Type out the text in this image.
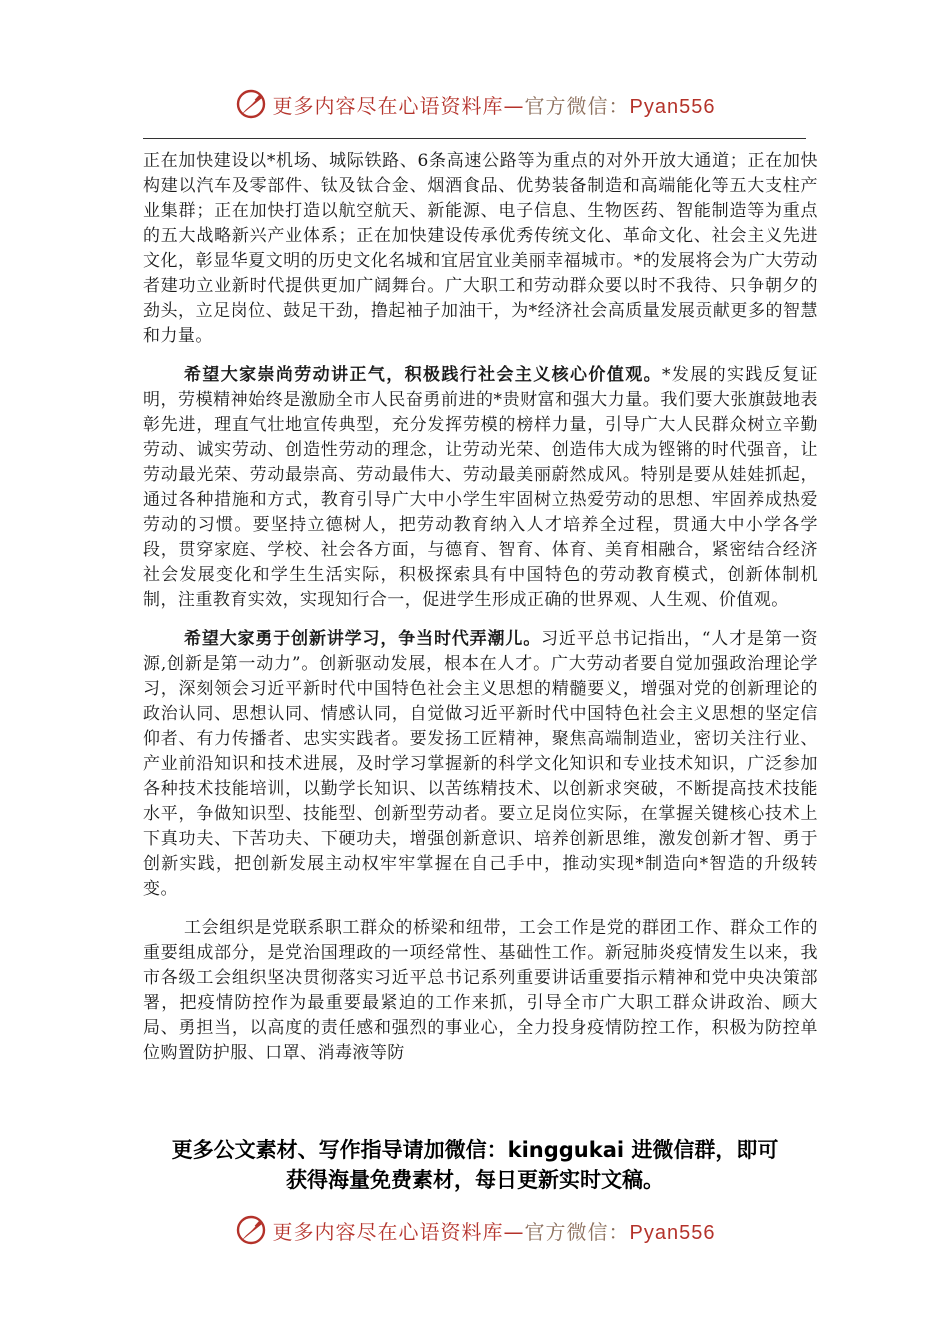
更多内容尽在心语资料库—官方微信：Pyan556

正在加快建设以*机场、城际铁路、6条高速公路等为重点的对外开放大通道；正在加快构建以汽车及零部件、钛及钛合金、烟酒食品、优势装备制造和高端能化等五大支柱产业集群；正在加快打造以航空航天、新能源、电子信息、生物医药、智能制造等为重点的五大战略新兴产业体系；正在加快建设传承优秀传统文化、革命文化、社会主义先进文化，彰显华夏文明的历史文化名城和宜居宜业美丽幸福城市。*的发展将会为广大劳动者建功立业新时代提供更加广阔舞台。广大职工和劳动群众要以时不我待、只争朝夕的劲头，立足岗位、鼓足干劲，撸起袖子加油干，为*经济社会高质量发展贡献更多的智慧和力量。

希望大家崇尚劳动讲正气，积极践行社会主义核心价值观。*发展的实践反复证明，劳模精神始终是激励全市人民奋勇前进的*贵财富和强大力量。我们要大张旗鼓地表彰先进，理直气壮地宣传典型，充分发挥劳模的榜样力量，引导广大人民群众树立辛勤劳动、诚实劳动、创造性劳动的理念，让劳动光荣、创造伟大成为铿锵的时代强音，让劳动最光荣、劳动最崇高、劳动最伟大、劳动最美丽蔚然成风。特别是要从娃娃抓起，通过各种措施和方式，教育引导广大中小学生牢固树立热爱劳动的思想、牢固养成热爱劳动的习惯。要坚持立德树人，把劳动教育纳入人才培养全过程，贯通大中小学各学段，贯穿家庭、学校、社会各方面，与德育、智育、体育、美育相融合，紧密结合经济社会发展变化和学生生活实际，积极探索具有中国特色的劳动教育模式，创新体制机制，注重教育实效，实现知行合一，促进学生形成正确的世界观、人生观、价值观。

希望大家勇于创新讲学习，争当时代弄潮儿。习近平总书记指出，“人才是第一资源,创新是第一动力”。创新驱动发展，根本在人才。广大劳动者要自觉加强政治理论学习，深刻领会习近平新时代中国特色社会主义思想的精髓要义，增强对党的创新理论的政治认同、思想认同、情感认同，自觉做习近平新时代中国特色社会主义思想的坚定信仰者、有力传播者、忠实实践者。要发扬工匠精神，聚焦高端制造业，密切关注行业、产业前沿知识和技术进展，及时学习掌握新的科学文化知识和专业技术知识，广泛参加各种技术技能培训，以勤学长知识、以苦练精技术、以创新求突破，不断提高技术技能水平，争做知识型、技能型、创新型劳动者。要立足岗位实际，在掌握关键核心技术上下真功夫、下苦功夫、下硬功夫，增强创新意识、培养创新思维，激发创新才智、勇于创新实践，把创新发展主动权牢牢掌握在自己手中，推动实现*制造向*智造的升级转变。

工会组织是党联系职工群众的桥梁和纽带，工会工作是党的群团工作、群众工作的重要组成部分，是党治国理政的一项经常性、基础性工作。新冠肺炎疫情发生以来，我市各级工会组织坚决贯彻落实习近平总书记系列重要讲话重要指示精神和党中央决策部署，把疫情防控作为最重要最紧迫的工作来抓，引导全市广大职工群众讲政治、顾大局、勇担当，以高度的责任感和强烈的事业心，全力投身疫情防控工作，积极为防控单位购置防护服、口罩、消毒液等防

更多公文素材、写作指导请加微信：kinggukai 进微信群，即可
获得海量免费素材，每日更新实时文稿。
更多内容尽在心语资料库—官方微信：Pyan556
